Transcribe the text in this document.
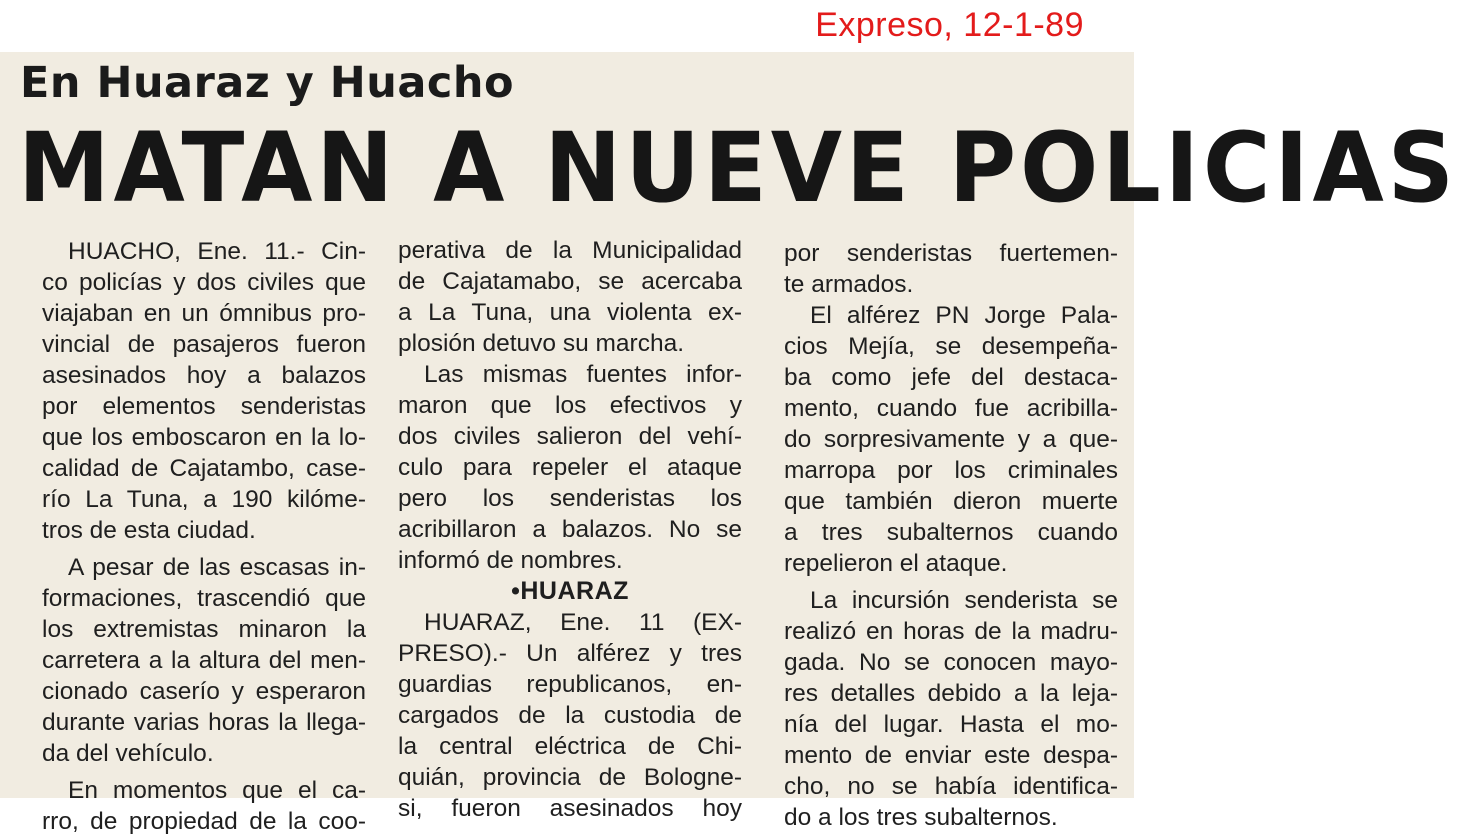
Expreso, 12-1-89
En Huaraz y Huacho
MATAN A NUEVE POLICIAS
HUACHO, Ene. 11.- Cin-
co policías y dos civiles que
viajaban en un ómnibus pro-
vincial de pasajeros fueron
asesinados hoy a balazos
por elementos senderistas
que los emboscaron en la lo-
calidad de Cajatambo, case-
río La Tuna, a 190 kilóme-
tros de esta ciudad.
A pesar de las escasas in-
formaciones, trascendió que
los extremistas minaron la
carretera a la altura del men-
cionado caserío y esperaron
durante varias horas la llega-
da del vehículo.
En momentos que el ca-
rro, de propiedad de la coo-
perativa de la Municipalidad
de Cajatamabo, se acercaba
a La Tuna, una violenta ex-
plosión detuvo su marcha.
Las mismas fuentes infor-
maron que los efectivos y
dos civiles salieron del vehí-
culo para repeler el ataque
pero los senderistas los
acribillaron a balazos. No se
informó de nombres.
•HUARAZ
HUARAZ, Ene. 11 (EX-
PRESO).- Un alférez y tres
guardias republicanos, en-
cargados de la custodia de
la central eléctrica de Chi-
quián, provincia de Bologne-
si, fueron asesinados hoy
por senderistas fuertemen-
te armados.
El alférez PN Jorge Pala-
cios Mejía, se desempeña-
ba como jefe del destaca-
mento, cuando fue acribilla-
do sorpresivamente y a que-
marropa por los criminales
que también dieron muerte
a tres subalternos cuando
repelieron el ataque.
La incursión senderista se
realizó en horas de la madru-
gada. No se conocen mayo-
res detalles debido a la leja-
nía del lugar. Hasta el mo-
mento de enviar este despa-
cho, no se había identifica-
do a los tres subalternos.
